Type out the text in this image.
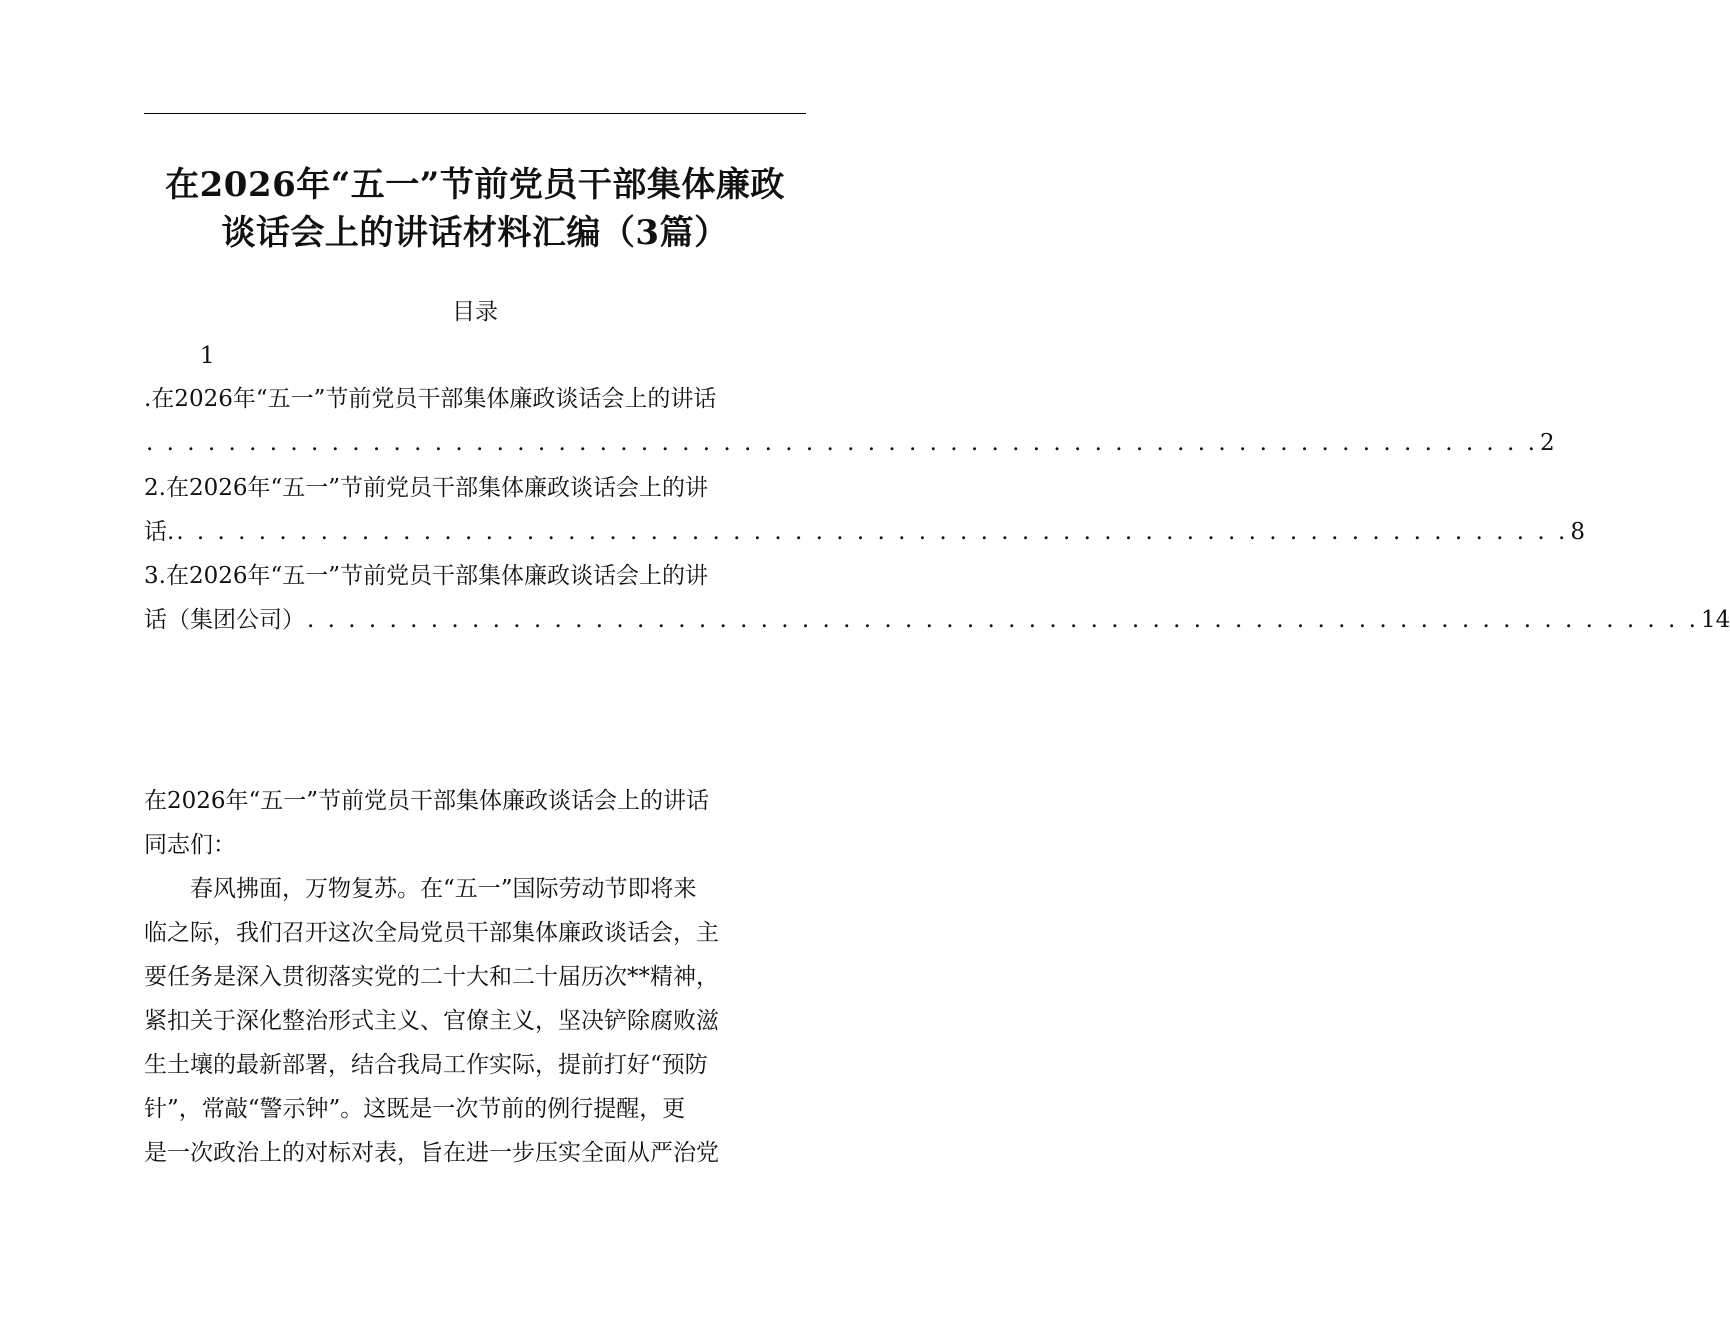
在2026年“五一”节前党员干部集体廉政
谈话会上的讲话材料汇编（3篇）
目录
1
.在2026年“五一”节前党员干部集体廉政谈话会上的讲话
. . . . . . . . . . . . . . . . . . . . . . . . . . . . . . . . . . . . . . . . . . . . . . . . . . . . . . . . . . . . . . . . . . . . 2
2.在2026年“五一”节前党员干部集体廉政谈话会上的讲
话. . . . . . . . . . . . . . . . . . . . . . . . . . . . . . . . . . . . . . . . . . . . . . . . . . . . . . . . . . . . . . . . . . . . . 8
3.在2026年“五一”节前党员干部集体廉政谈话会上的讲
话（集团公司） . . . . . . . . . . . . . . . . . . . . . . . . . . . . . . . . . . . . . . . . . . . . . . . . . . . . . . . . . . . . . . . . . . . . 14
在2026年“五一”节前党员干部集体廉政谈话会上的讲话
同志们：
春风拂面，万物复苏。在“五一”国际劳动节即将来
临之际，我们召开这次全局党员干部集体廉政谈话会，主
要任务是深入贯彻落实党的二十大和二十届历次**精神，
紧扣关于深化整治形式主义、官僚主义，坚决铲除腐败滋
生土壤的最新部署，结合我局工作实际，提前打好“预防
针”，常敲“警示钟”。这既是一次节前的例行提醒，更
是一次政治上的对标对表，旨在进一步压实全面从严治党
